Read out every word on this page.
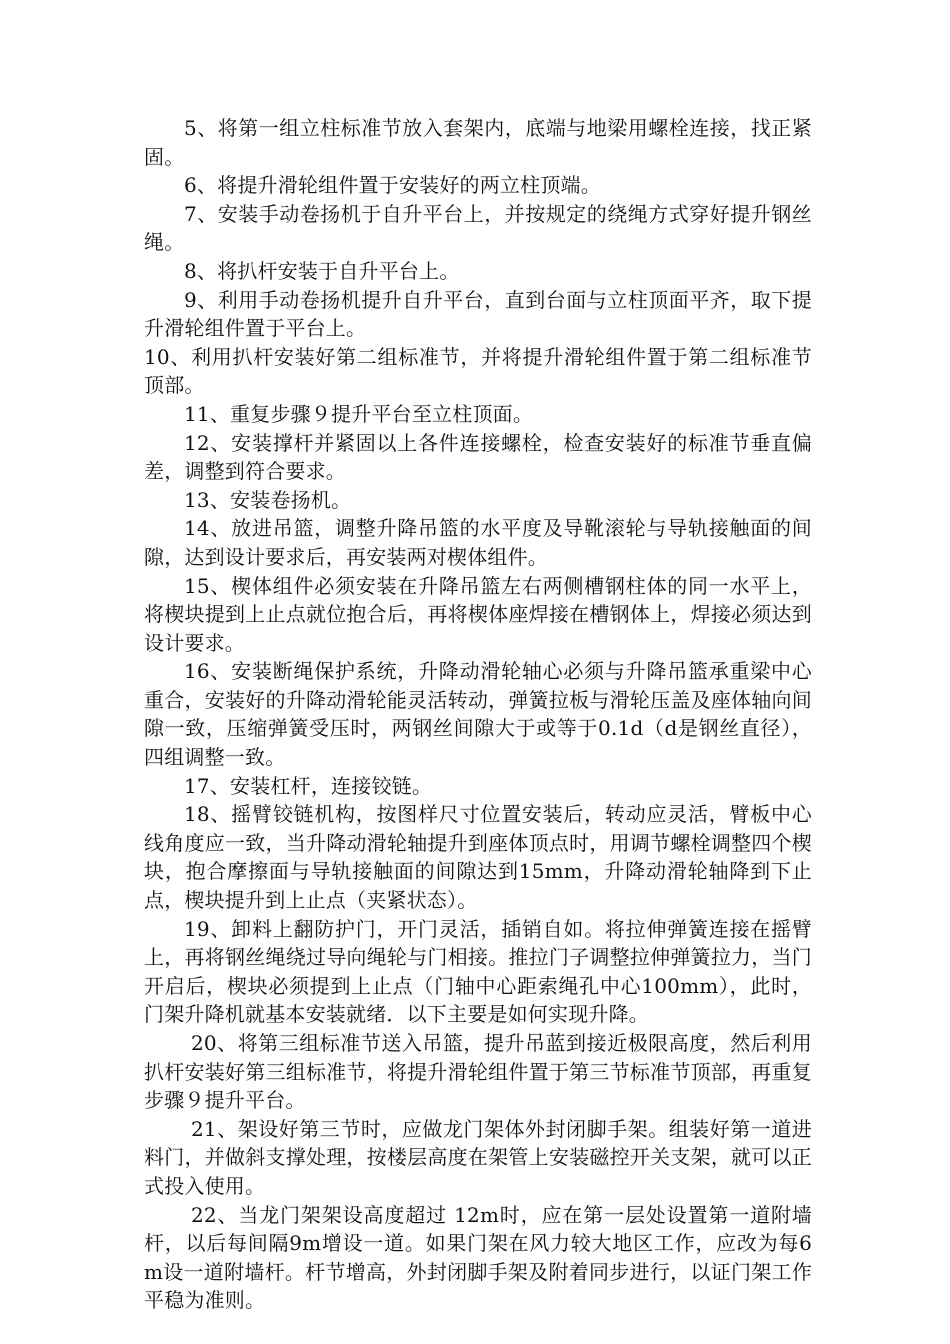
5、将第一组立柱标准节放入套架内，底端与地梁用螺栓连接，找正紧固。

6、将提升滑轮组件置于安装好的两立柱顶端。

7、安装手动卷扬机于自升平台上，并按规定的绕绳方式穿好提升钢丝绳。

8、将扒杆安装于自升平台上。

9、利用手动卷扬机提升自升平台，直到台面与立柱顶面平齐，取下提升滑轮组件置于平台上。

10、利用扒杆安装好第二组标准节，并将提升滑轮组件置于第二组标准节顶部。

11、重复步骤９提升平台至立柱顶面。

12、安装撑杆并紧固以上各件连接螺栓，检查安装好的标准节垂直偏差，调整到符合要求。

13、安装卷扬机。

14、放进吊篮，调整升降吊篮的水平度及导靴滚轮与导轨接触面的间隙，达到设计要求后，再安装两对楔体组件。

15、楔体组件必须安装在升降吊篮左右两侧槽钢柱体的同一水平上，将楔块提到上止点就位抱合后，再将楔体座焊接在槽钢体上，焊接必须达到设计要求。

16、安装断绳保护系统，升降动滑轮轴心必须与升降吊篮承重梁中心重合，安装好的升降动滑轮能灵活转动，弹簧拉板与滑轮压盖及座体轴向间隙一致，压缩弹簧受压时，两钢丝间隙大于或等于0.1d（d是钢丝直径），四组调整一致。

17、安装杠杆，连接铰链。

18、摇臂铰链机构，按图样尺寸位置安装后，转动应灵活，臂板中心线角度应一致，当升降动滑轮轴提升到座体顶点时，用调节螺栓调整四个楔块，抱合摩擦面与导轨接触面的间隙达到15mm，升降动滑轮轴降到下止点，楔块提升到上止点（夹紧状态）。

19、卸料上翻防护门，开门灵活，插销自如。将拉伸弹簧连接在摇臂上，再将钢丝绳绕过导向绳轮与门相接。推拉门子调整拉伸弹簧拉力，当门开启后，楔块必须提到上止点（门轴中心距索绳孔中心100mm），此时，门架升降机就基本安装就绪．以下主要是如何实现升降。

20、将第三组标准节送入吊篮，提升吊蓝到接近极限高度，然后利用扒杆安装好第三组标准节，将提升滑轮组件置于第三节标准节顶部，再重复步骤９提升平台。

21、架设好第三节时，应做龙门架体外封闭脚手架。组装好第一道进料门，并做斜支撑处理，按楼层高度在架管上安装磁控开关支架，就可以正式投入使用。

22、当龙门架架设高度超过 12m时，应在第一层处设置第一道附墙杆，以后每间隔9m增设一道。如果门架在风力较大地区工作，应改为每6m设一道附墙杆。杆节增高，外封闭脚手架及附着同步进行，以证门架工作平稳为准则。
